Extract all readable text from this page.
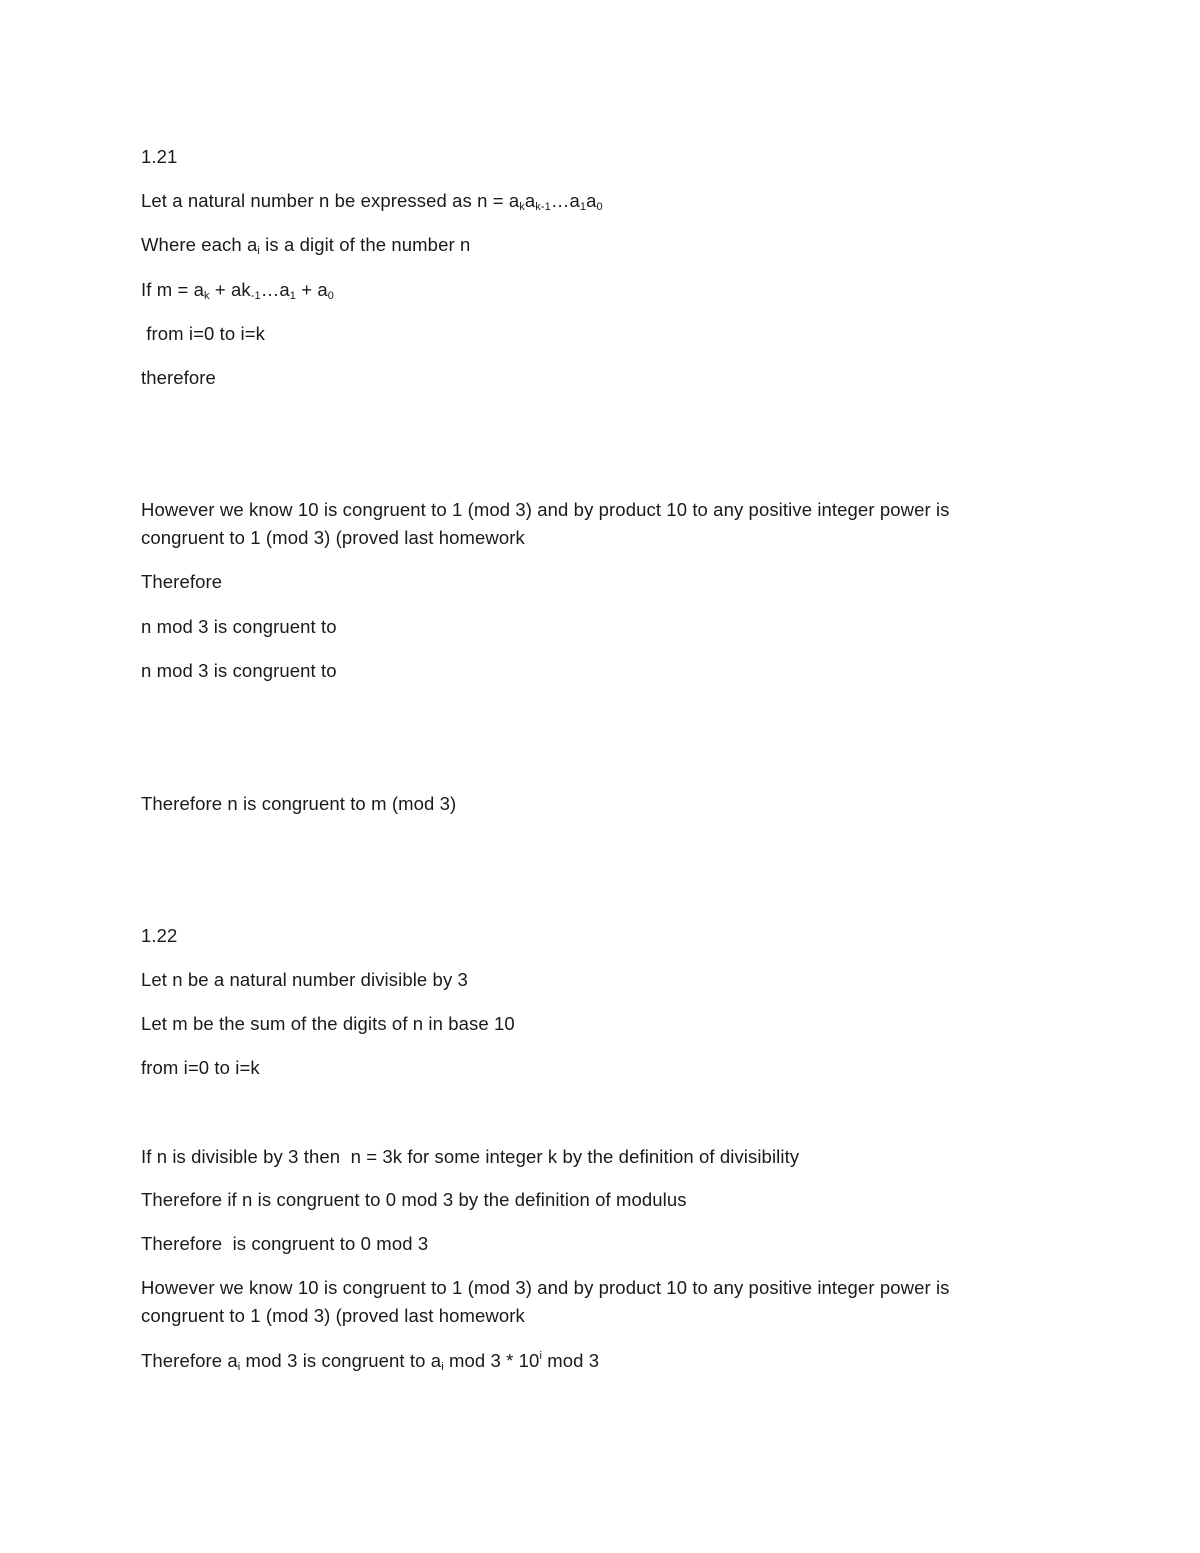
1.21
Let a natural number n be expressed as $n = a_ka_{k-1}\dots a_1a_0$
Where each $a_i$ is a digit of the number n
If $m = a_k$ + $ak_{-1}\dots a_1 + a_0$
from i=0 to i=k
therefore
However we know 10 is congruent to 1 (mod 3) and by product 10 to any positive integer power is congruent to 1 (mod 3) (proved last homework
Therefore
n mod 3 is congruent to
n mod 3 is congruent to
Therefore n is congruent to m (mod 3)
1.22
Let n be a natural number divisible by 3
Let m be the sum of the digits of n in base 10
from i=0 to i=k
If n is divisible by 3 then  n = 3k for some integer k by the definition of divisibility
Therefore if n is congruent to 0 mod 3 by the definition of modulus
Therefore  is congruent to 0 mod 3
However we know 10 is congruent to 1 (mod 3) and by product 10 to any positive integer power is congruent to 1 (mod 3) (proved last homework
Therefore $a_i$ mod 3 is congruent to $a_i$ mod 3 * 10$^i$ mod 3
